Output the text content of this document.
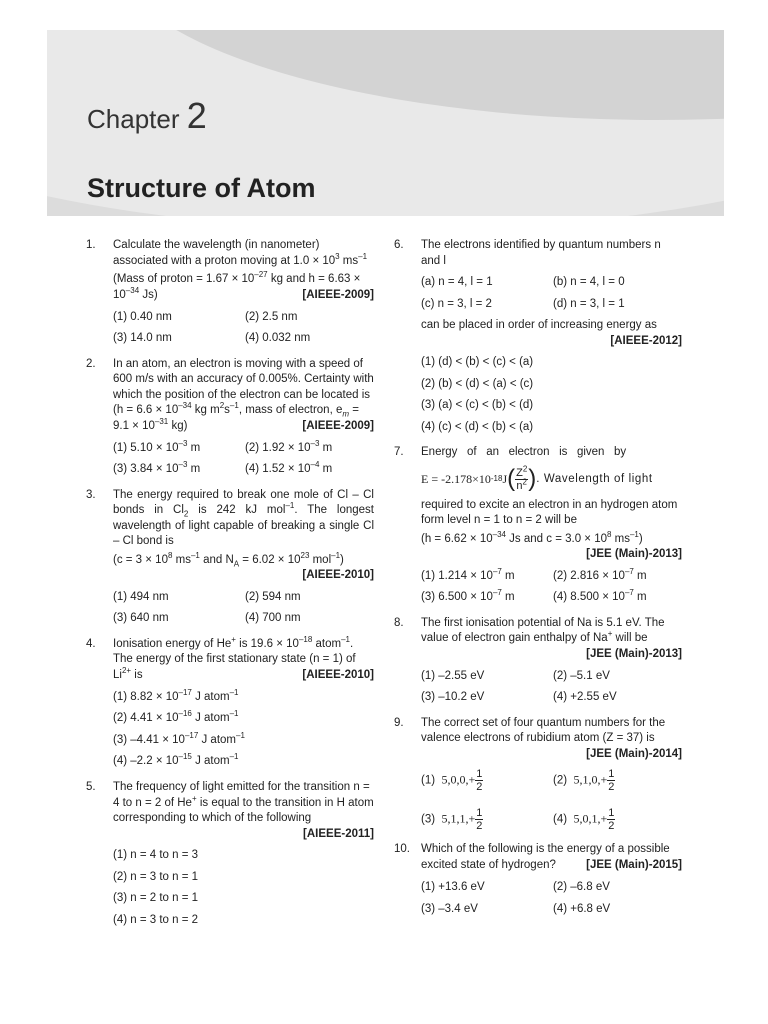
Chapter 2
Structure of Atom
1.	Calculate the wavelength (in nanometer) associated with a proton moving at $1.0 \times 10^3$ $ms^{-1}$
(Mass of proton = $1.67 \times 10^{-27}$ kg and $h = 6.63 \times 10^{-34}$ Js)	[AIEEE-2009]
(1) 0.40 nm	(2) 2.5 nm
(3) 14.0 nm	(4) 0.032 nm
2.	In an atom, an electron is moving with a speed of 600 m/s with an accuracy of 0.005%. Certainty with which the position of the electron can be located is ($h = 6.6 \times 10^{-34}$ kg $m^2s^{-1}$, mass of electron, $e_m = 9.1 \times 10^{-31}$ kg)	[AIEEE-2009]
(1) $5.10 \times 10^{-3}$ m	(2) $1.92 \times 10^{-3}$ m
(3) $3.84 \times 10^{-3}$ m	(4) $1.52 \times 10^{-4}$ m
3.	The energy required to break one mole of Cl – Cl bonds in $Cl_2$ is 242 kJ mol$^{-1}$. The longest wavelength of light capable of breaking a single Cl – Cl bond is
($c = 3 \times 10^8$ $ms^{-1}$ and $N_A = 6.02 \times 10^{23}$ mol$^{-1}$)
[AIEEE-2010]
(1) 494 nm	(2) 594 nm
(3) 640 nm	(4) 700 nm
4.	Ionisation energy of He+ is $19.6 \times 10^{-18}$ atom$^{-1}$. The energy of the first stationary state (n = 1) of $Li^{2+}$ is	[AIEEE-2010]
(1) $8.82 \times 10^{-17}$ J atom$^{-1}$
(2) $4.41 \times 10^{-16}$ J atom$^{-1}$
(3) $-4.41 \times 10^{-17}$ J atom$^{-1}$
(4) $-2.2 \times 10^{-15}$ J atom$^{-1}$
5.	The frequency of light emitted for the transition n = 4 to n = 2 of He+ is equal to the transition in H atom corresponding to which of the following
[AIEEE-2011]
(1) n = 4 to n = 3
(2) n = 3 to n = 1
(3) n = 2 to n = 1
(4) n = 3 to n = 2
6.	The electrons identified by quantum numbers n and l
(a) n = 4, l = 1	(b) n = 4, l = 0
(c) n = 3, l = 2	(d) n = 3, l = 1
can be placed in order of increasing energy as
[AIEEE-2012]
(1) (d) < (b) < (c) < (a)
(2) (b) < (d) < (a) < (c)
(3) (a) < (c) < (b) < (d)
(4) (c) < (d) < (b) < (a)
7.	Energy   of   an   electron   is   given   by
E = -2.178×10 -18 J ( $\frac{Z^2}{n^2}$ ) . Wavelength of light
required to excite an electron in an hydrogen atom form level n = 1 to n = 2 will be
($h = 6.62 \times 10^{-34}$ Js and $c = 3.0 \times 10^8$ $ms^{-1}$)
[JEE (Main)-2013]
(1) $1.214 \times 10^{-7}$ m	(2) $2.816 \times 10^{-7}$ m
(3) $6.500 \times 10^{-7}$ m	(4) $8.500 \times 10^{-7}$ m
8.	The first ionisation potential of Na is 5.1 eV. The value of electron gain enthalpy of Na+ will be
[JEE (Main)-2013]
(1) –2.55 eV	(2) –5.1 eV
(3) –10.2 eV	(4) +2.55 eV
9.	The correct set of four quantum numbers for the valence electrons of rubidium atom (Z = 37) is
[JEE (Main)-2014]
(1) $5,0,0,+ \frac{1}{2}$	(2) $5,1,0,+ \frac{1}{2}$
(3) $5,1,1,+ \frac{1}{2}$	(4) $5,0,1,+ \frac{1}{2}$
10. Which of the following is the energy of a possible excited state of hydrogen?	[JEE (Main)-2015]
(1) +13.6 eV	(2) –6.8 eV
(3) –3.4 eV	(4) +6.8 eV
